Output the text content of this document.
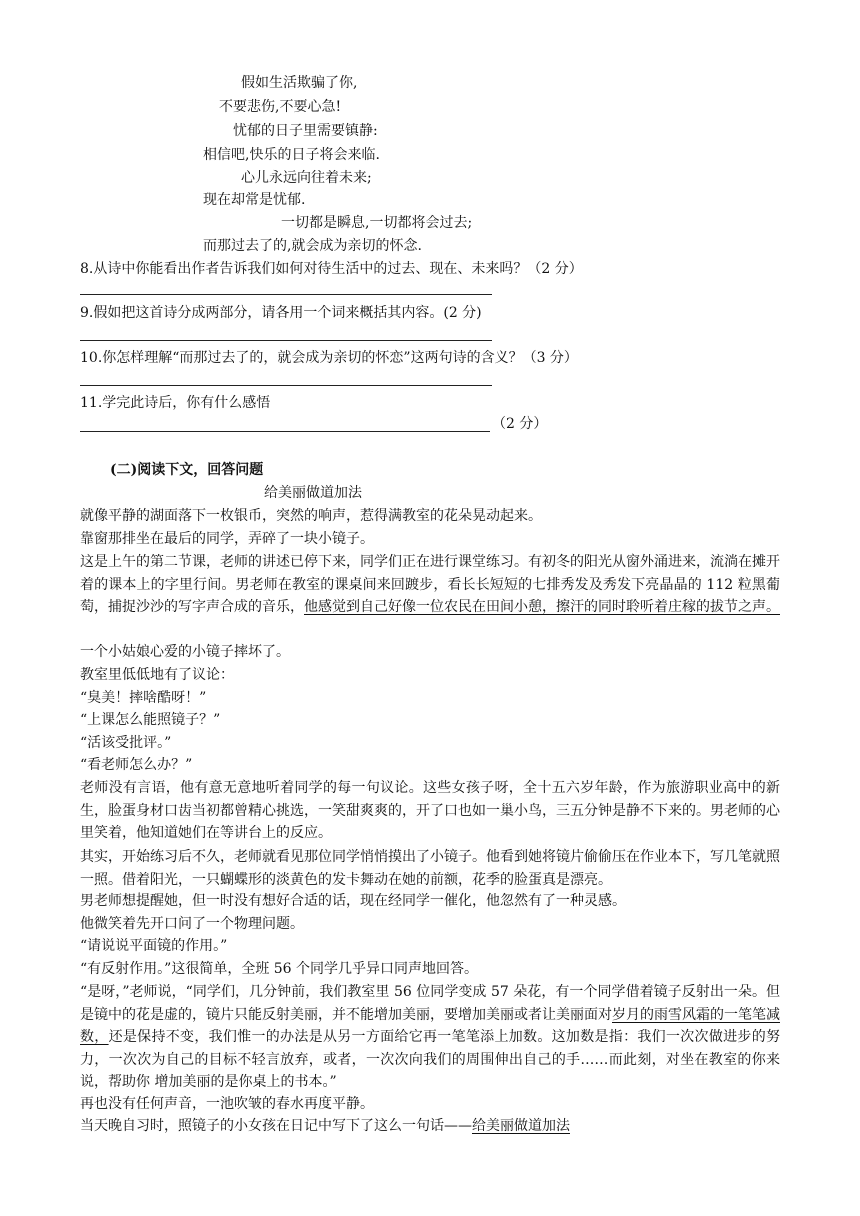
假如生活欺骗了你,
不要悲伤,不要心急!
忧郁的日子里需要镇静:
相信吧,快乐的日子将会来临.
心儿永远向往着未来;
现在却常是忧郁.
一切都是瞬息,一切都将会过去;
而那过去了的,就会成为亲切的怀念.
8.从诗中你能看出作者告诉我们如何对待生活中的过去、现在、未来吗？（2 分）
9.假如把这首诗分成两部分，请各用一个词来概括其内容。(2 分)
10.你怎样理解“而那过去了的，就会成为亲切的怀恋”这两句诗的含义？（3 分）
11.学完此诗后，你有什么感悟
（2 分）
(二)阅读下文，回答问题
给美丽做道加法
就像平静的湖面落下一枚银币，突然的响声，惹得满教室的花朵晃动起来。
靠窗那排坐在最后的同学，弄碎了一块小镜子。
这是上午的第二节课，老师的讲述已停下来，同学们正在进行课堂练习。有初冬的阳光从窗外涌进来，流淌在摊开着的课本上的字里行间。男老师在教室的课桌间来回踱步，看长长短短的七排秀发及秀发下亮晶晶的 112 粒黑葡萄，捕捉沙沙的写字声合成的音乐，他感觉到自己好像一位农民在田间小憩，擦汗的同时聆听着庄稼的拔节之声。
一个小姑娘心爱的小镜子摔坏了。
教室里低低地有了议论：
“臭美！摔啥酷呀！”
“上课怎么能照镜子？”
“活该受批评。”
“看老师怎么办？”
老师没有言语，他有意无意地听着同学的每一句议论。这些女孩子呀，全十五六岁年龄，作为旅游职业高中的新生，脸蛋身材口齿当初都曾精心挑选，一笑甜爽爽的，开了口也如一巢小鸟，三五分钟是静不下来的。男老师的心里笑着，他知道她们在等讲台上的反应。
其实，开始练习后不久，老师就看见那位同学悄悄摸出了小镜子。他看到她将镜片偷偷压在作业本下，写几笔就照一照。借着阳光，一只蝴蝶形的淡黄色的发卡舞动在她的前额，花季的脸蛋真是漂亮。
男老师想提醒她，但一时没有想好合适的话，现在经同学一催化，他忽然有了一种灵感。
他微笑着先开口问了一个物理问题。
“请说说平面镜的作用。”
“有反射作用。”这很简单，全班 56 个同学几乎异口同声地回答。
“是呀，”老师说，“同学们，几分钟前，我们教室里 56 位同学变成 57 朵花，有一个同学借着镜子反射出一朵。但是镜中的花是虚的，镜片只能反射美丽，并不能增加美丽，要增加美丽或者让美丽面对岁月的雨雪风霜的一笔笔减数，还是保持不变，我们惟一的办法是从另一方面给它再一笔笔添上加数。这加数是指：我们一次次做进步的努力，一次次为自己的目标不轻言放弃，或者，一次次向我们的周围伸出自己的手……而此刻，对坐在教室的你来说，帮助你 增加美丽的是你桌上的书本。”
再也没有任何声音，一池吹皱的春水再度平静。
当天晚自习时，照镜子的小女孩在日记中写下了这么一句话——给美丽做道加法
